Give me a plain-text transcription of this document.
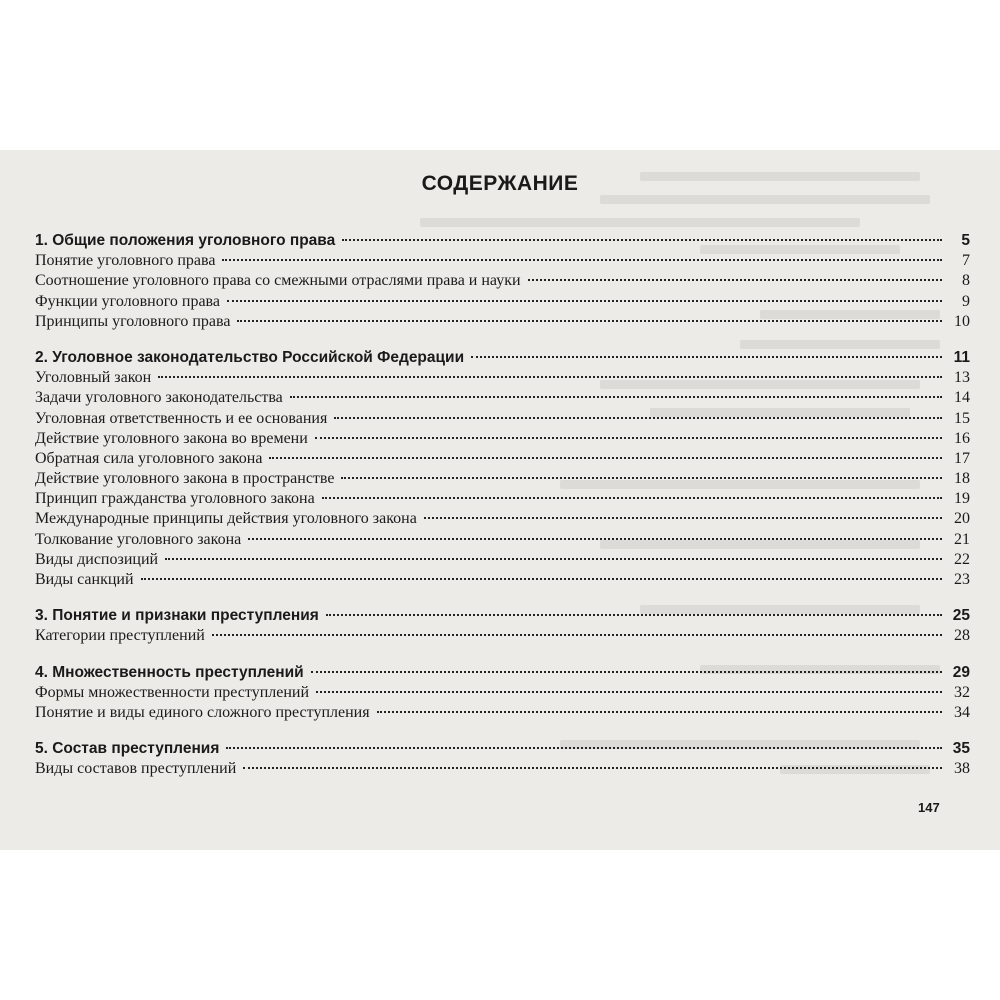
СОДЕРЖАНИЕ
1. Общие положения уголовного права	5
Понятие уголовного права	7
Соотношение уголовного права со смежными отраслями права и науки	8
Функции уголовного права	9
Принципы уголовного права	10
2. Уголовное законодательство Российской Федерации	11
Уголовный закон	13
Задачи уголовного законодательства	14
Уголовная ответственность и ее основания	15
Действие уголовного закона во времени	16
Обратная сила уголовного закона	17
Действие уголовного закона в пространстве	18
Принцип гражданства уголовного закона	19
Международные принципы действия уголовного закона	20
Толкование уголовного закона	21
Виды диспозиций	22
Виды санкций	23
3. Понятие и признаки преступления	25
Категории преступлений	28
4. Множественность преступлений	29
Формы множественности преступлений	32
Понятие и виды единого сложного преступления	34
5. Состав преступления	35
Виды составов преступлений	38
147
